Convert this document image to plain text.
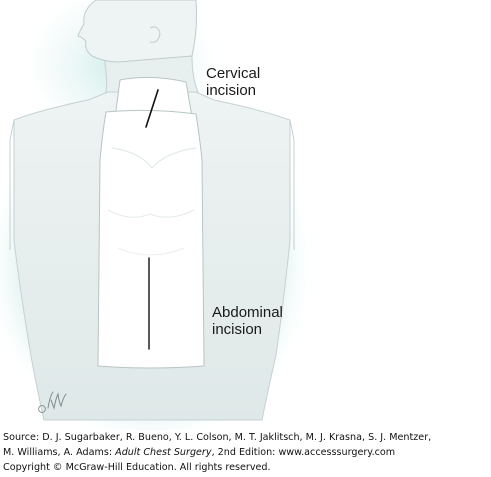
Cervical
incision
Abdominal
incision
Source: D. J. Sugarbaker, R. Bueno, Y. L. Colson, M. T. Jaklitsch, M. J. Krasna, S. J. Mentzer,
M. Williams, A. Adams: Adult Chest Surgery, 2nd Edition: www.accesssurgery.com
Copyright © McGraw-Hill Education. All rights reserved.
